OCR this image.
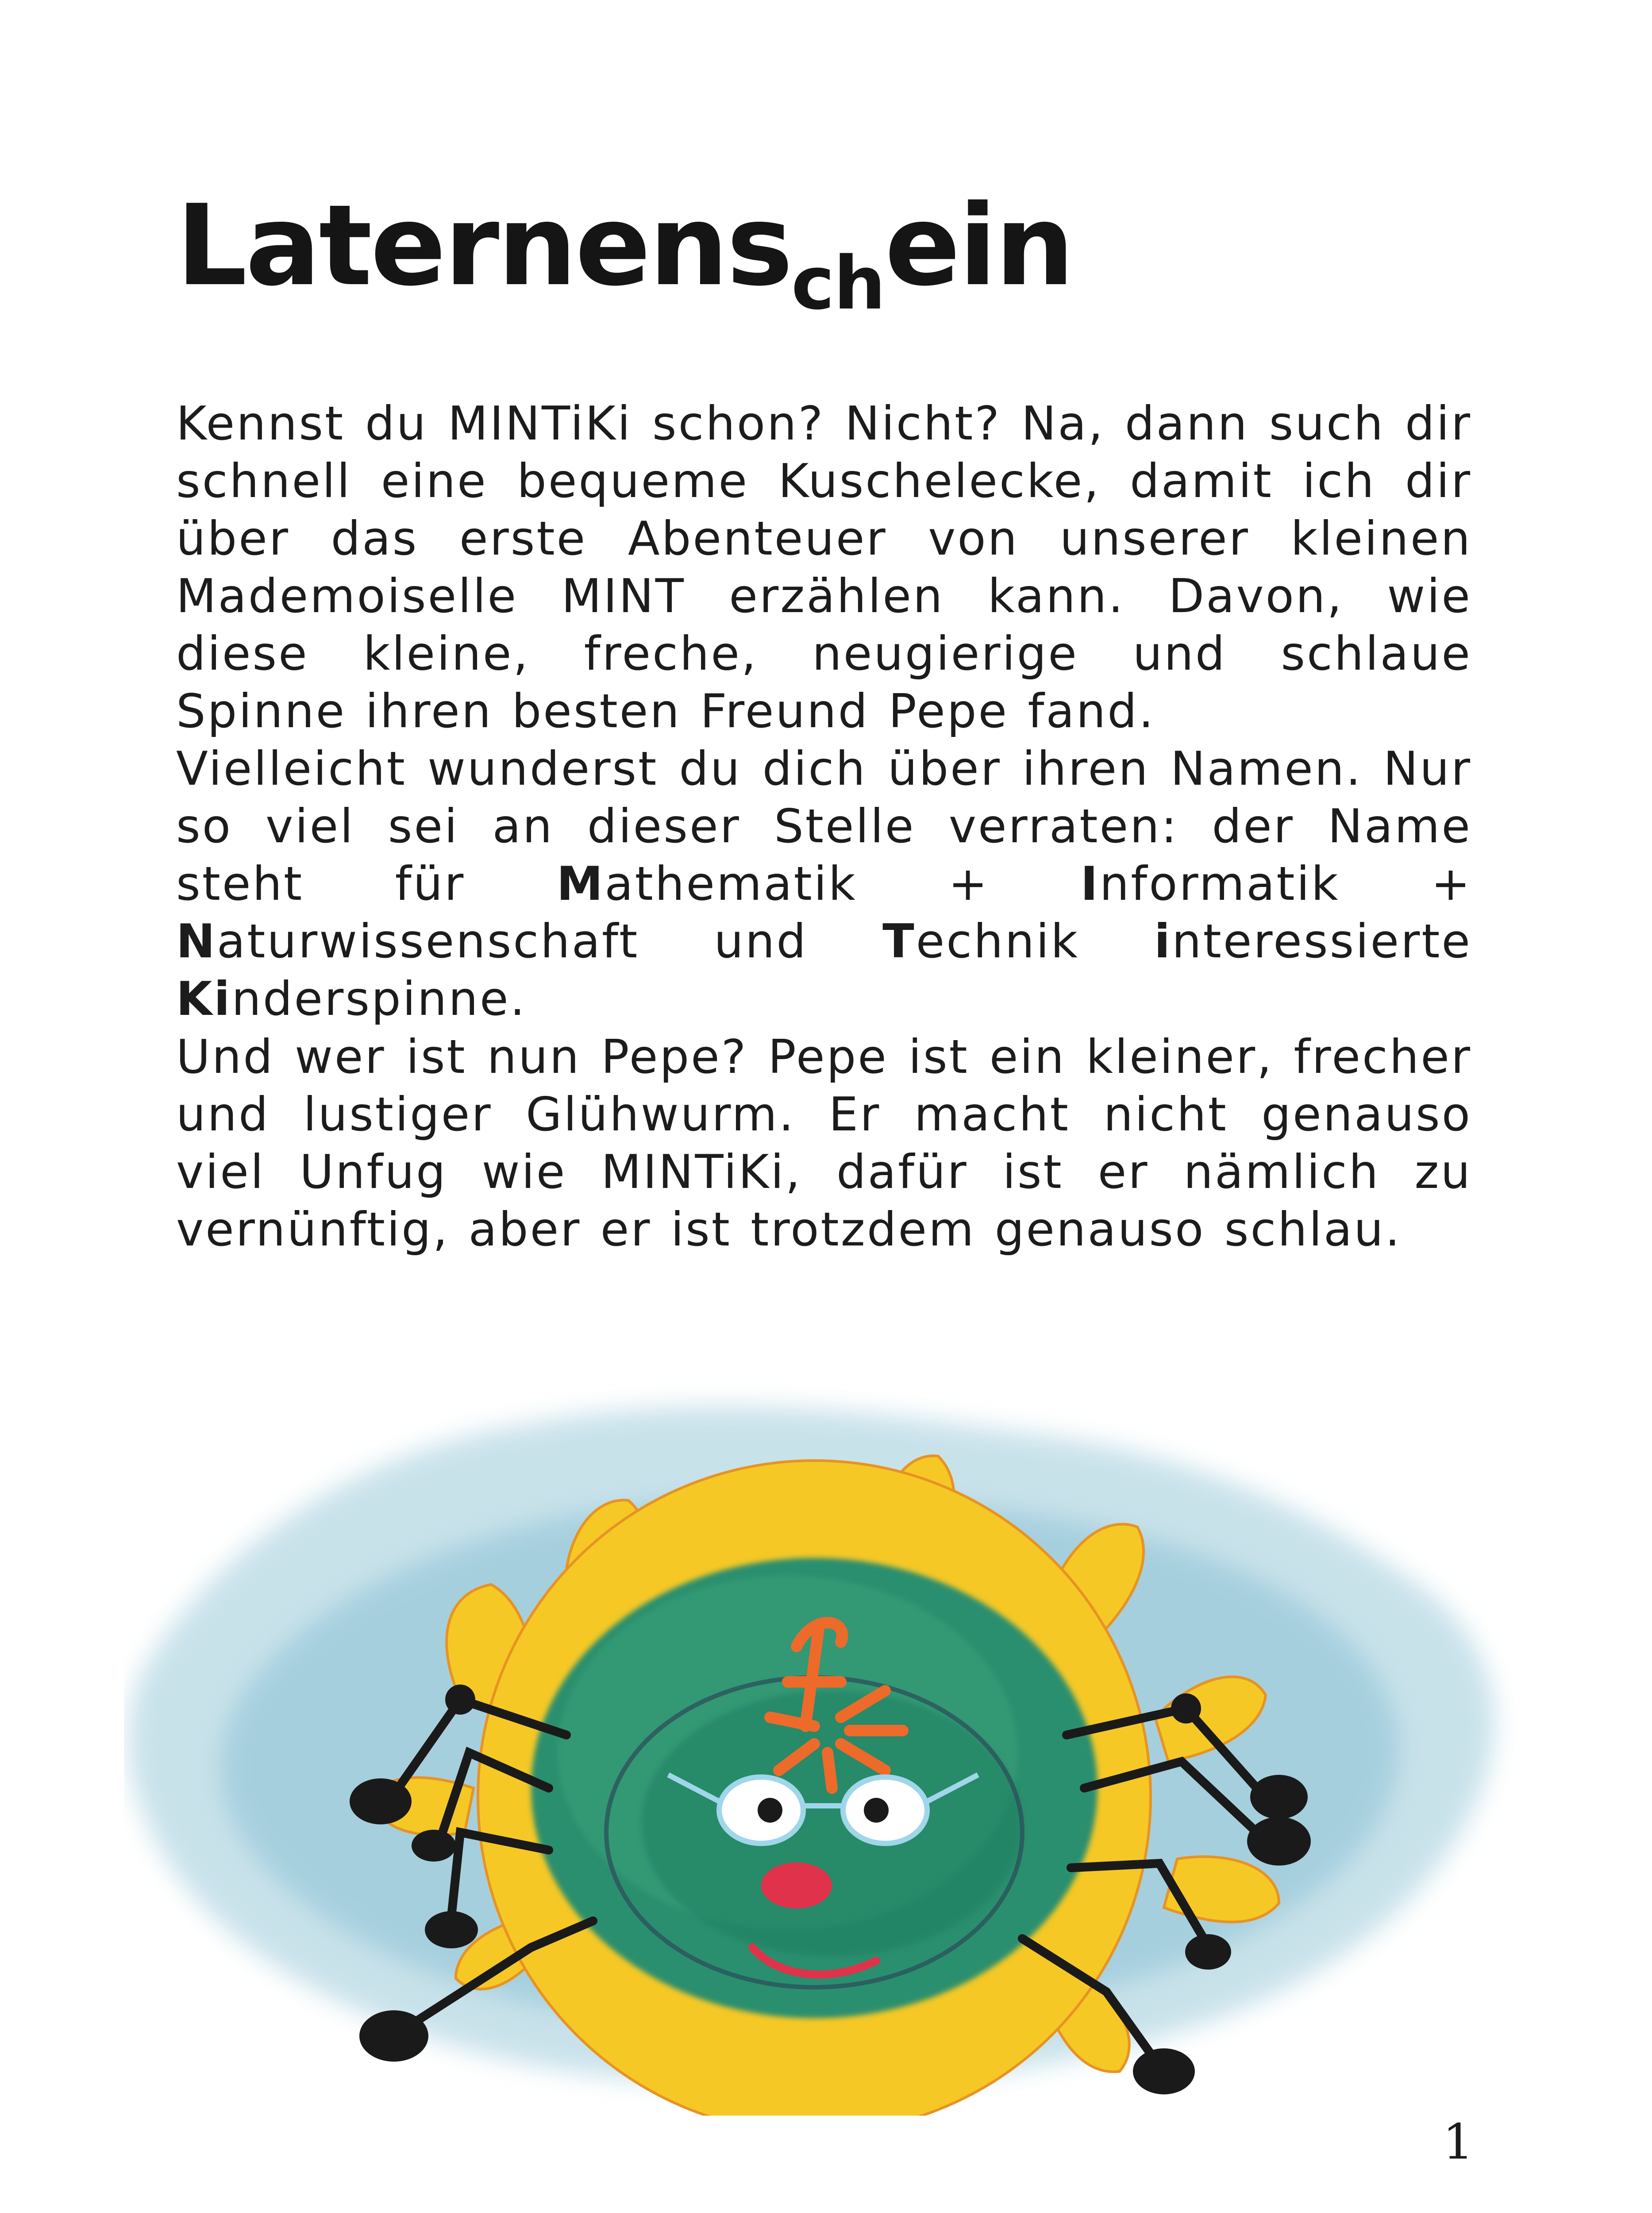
Laternens$_{ch}$ein

Kennst du MINTiKi schon? Nicht? Na, dann such dir schnell eine bequeme Kuschelecke, damit ich dir über das erste Abenteuer von unserer kleinen Mademoiselle MINT erzählen kann. Davon, wie diese kleine, freche, neugierige und schlaue Spinne ihren besten Freund Pepe fand.

Vielleicht wunderst du dich über ihren Namen. Nur so viel sei an dieser Stelle verraten: der Name steht für Mathematik + Informatik + Naturwissenschaft und Technik interessierte Kinderspinne.

Und wer ist nun Pepe? Pepe ist ein kleiner, frecher und lustiger Glühwurm. Er macht nicht genauso viel Unfug wie MINTiKi, dafür ist er nämlich zu vernünftig, aber er ist trotzdem genauso schlau.

1
